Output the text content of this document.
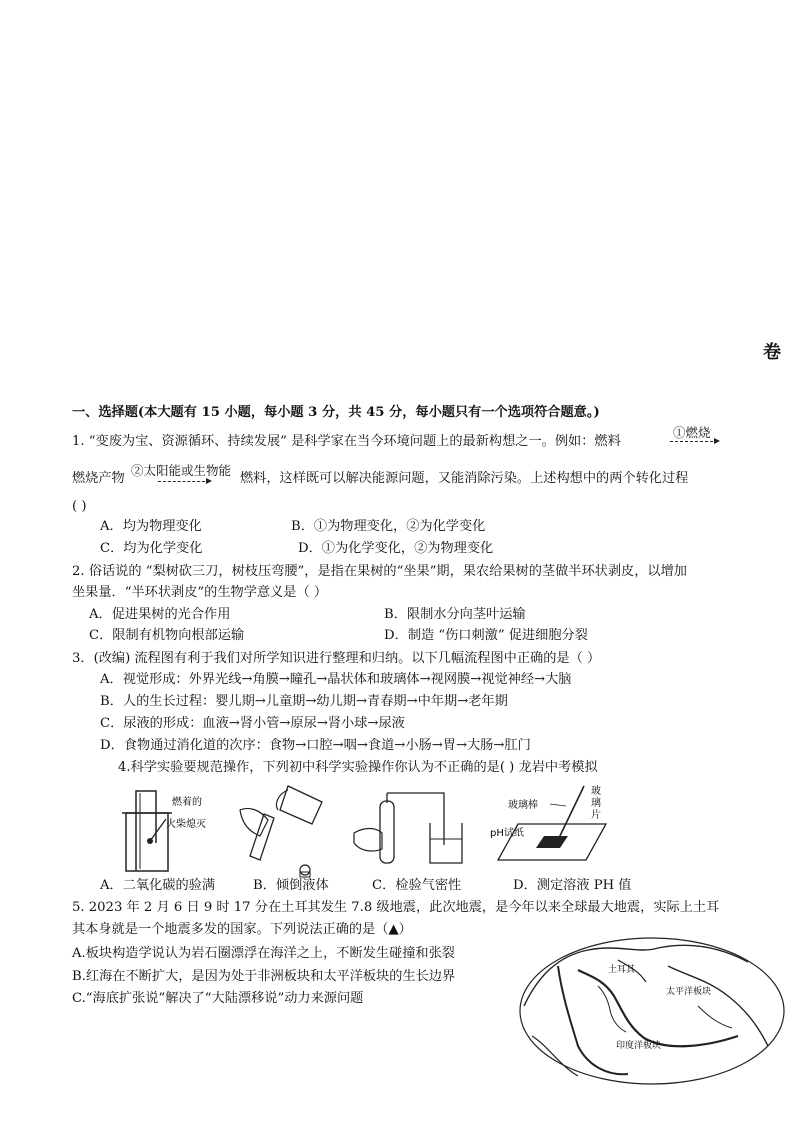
卷
一、选择题(本大题有 15 小题，每小题 3 分，共 45 分，每小题只有一个选项符合题意。)
1. “变废为宝、资源循环、持续发展” 是科学家在当今环境问题上的最新构想之一。例如：燃料
①燃烧
燃烧产物
②太阳能或生物能
燃料，这样既可以解决能源问题，又能消除污染。上述构想中的两个转化过程
( )
A．均为物理变化	B．①为物理变化，②为化学变化
C．均为化学变化	D．①为化学变化，②为物理变化
2. 俗话说的 “梨树砍三刀，树枝压弯腰”，是指在果树的“坐果”期，果农给果树的茎做半环状剥皮，以增加
坐果量．“半环状剥皮”的生物学意义是（ ）
A．促进果树的光合作用	B．限制水分向茎叶运输
C．限制有机物向根部运输	D．制造 “伤口刺激” 促进细胞分裂
3．(改编) 流程图有利于我们对所学知识进行整理和归纳。以下几幅流程图中正确的是（ ）
A．视觉形成：外界光线→角膜→瞳孔→晶状体和玻璃体→视网膜→视觉神经→大脑
B．人的生长过程：婴儿期→儿童期→幼儿期→青春期→中年期→老年期
C．尿液的形成：血液→肾小管→原尿→肾小球→尿液
D．食物通过消化道的次序：食物→口腔→咽→食道→小肠→胃→大肠→肛门
4.科学实验要规范操作，下列初中科学实验操作你认为不正确的是( ) 龙岩中考模拟
燃着的
火柴熄灭
玻璃棒
玻
璃
片
pH试纸
A．二氧化碳的验满	B．倾倒液体	C．检验气密性	D．测定溶液 PH 值
5. 2023 年 2 月 6 日 9 时 17 分在土耳其发生 7.8 级地震，此次地震，是今年以来全球最大地震，实际上土耳
其本身就是一个地震多发的国家。下列说法正确的是（▲）
A.板块构造学说认为岩石圈漂浮在海洋之上，不断发生碰撞和张裂
B.红海在不断扩大，是因为处于非洲板块和太平洋板块的生长边界
C.“海底扩张说”解决了“大陆漂移说”动力来源问题
土耳其
太平洋板块
印度洋板块
